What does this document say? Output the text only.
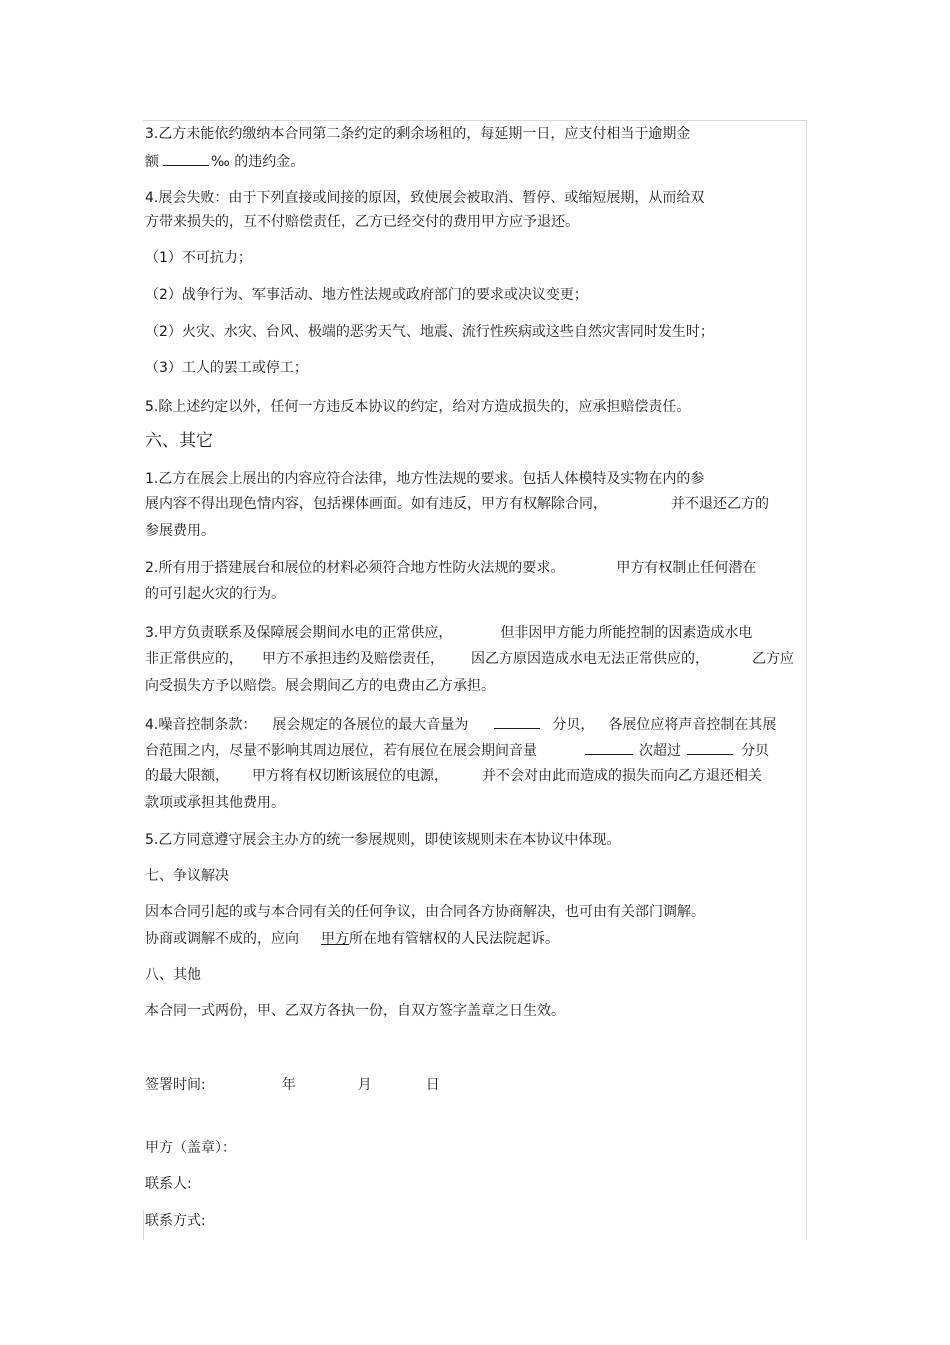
3.乙方未能依约缴纳本合同第二条约定的剩余场租的，每延期一日，应支付相当于逾期金
额	‰ 的违约金。
4.展会失败：由于下列直接或间接的原因，致使展会被取消、暂停、或缩短展期，从而给双
方带来损失的，互不付赔偿责任，乙方已经交付的费用甲方应予退还。
（1）不可抗力；
（2）战争行为、军事活动、地方性法规或政府部门的要求或决议变更；
（2）火灾、水灾、台风、极端的恶劣天气、地震、流行性疾病或这些自然灾害同时发生时；
（3）工人的罢工或停工；
5.除上述约定以外，任何一方违反本协议的约定，给对方造成损失的，应承担赔偿责任。
六、其它
1.乙方在展会上展出的内容应符合法律，地方性法规的要求。包括人体模特及实物在内的参
展内容不得出现色情内容，包括裸体画面。如有违反，甲方有权解除合同，	并不退还乙方的
参展费用。
2.所有用于搭建展台和展位的材料必须符合地方性防火法规的要求。	甲方有权制止任何潜在
的可引起火灾的行为。
3.甲方负责联系及保障展会期间水电的正常供应，	但非因甲方能力所能控制的因素造成水电
非正常供应的， 甲方不承担违约及赔偿责任， 因乙方原因造成水电无法正常供应的，	乙方应
向受损失方予以赔偿。展会期间乙方的电费由乙方承担。
4.噪音控制条款： 展会规定的各展位的最大音量为	分贝， 各展位应将声音控制在其展
台范围之内，尽量不影响其周边展位，若有展位在展会期间音量	次超过	分贝
的最大限额， 甲方将有权切断该展位的电源， 并不会对由此而造成的损失而向乙方退还相关
款项或承担其他费用。
5.乙方同意遵守展会主办方的统一参展规则，即使该规则未在本协议中体现。
七、争议解决
因本合同引起的或与本合同有关的任何争议，由合同各方协商解决，也可由有关部门调解。
协商或调解不成的，应向 甲方所在地有管辖权的人民法院起诉。
八、其他
本合同一式两份，甲、乙双方各执一份，自双方签字盖章之日生效。
签署时间:	年	月	日
甲方（盖章）：
联系人:
联系方式:
